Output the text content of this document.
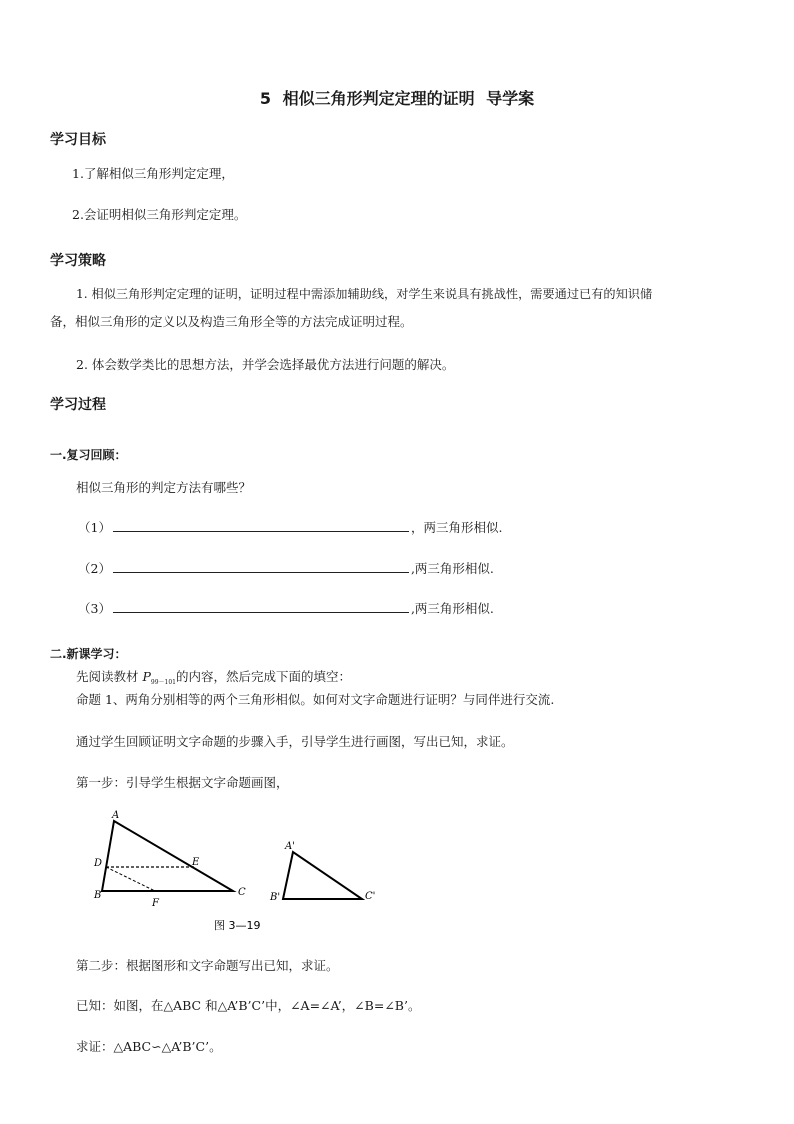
5 相似三角形判定定理的证明 导学案
学习目标
1.了解相似三角形判定定理，
2.会证明相似三角形判定定理。
学习策略
1. 相似三角形判定定理的证明，证明过程中需添加辅助线，对学生来说具有挑战性，需要通过已有的知识储
备，相似三角形的定义以及构造三角形全等的方法完成证明过程。
2. 体会数学类比的思想方法，并学会选择最优方法进行问题的解决。
学习过程
一.复习回顾：
相似三角形的判定方法有哪些？
（1）	，两三角形相似.
（2）	,两三角形相似.
（3）	,两三角形相似.
二.新课学习：
先阅读教材 $P_{99-101}$的内容，然后完成下面的填空：
命题 1、两角分别相等的两个三角形相似。如何对文字命题进行证明？与同伴进行交流.
通过学生回顾证明文字命题的步骤入手，引导学生进行画图，写出已知，求证。
第一步：引导学生根据文字命题画图，
A
B	C
D	E
F
A'
B'	C'
图 3—19
第二步：根据图形和文字命题写出已知，求证。
已知：如图，在△ABC 和△A’B’C’中，∠A=∠A’，∠B=∠B’。
求证：△ABC∽△A’B’C’。
